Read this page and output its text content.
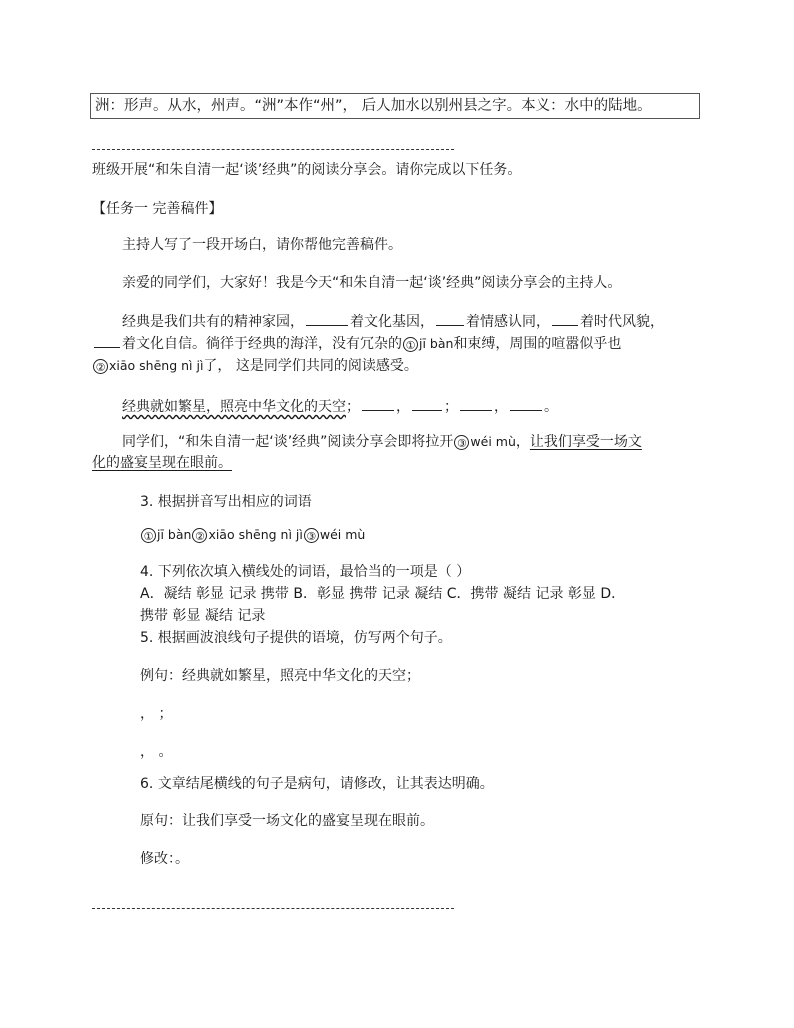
洲：形声。从水，州声。“洲”本作“州”， 后人加水以别州县之字。本义：水中的陆地。
班级开展“和朱自清一起‘谈’经典”的阅读分享会。请你完成以下任务。
【任务一 完善稿件】
主持人写了一段开场白，请你帮他完善稿件。
亲爱的同学们，大家好！我是今天“和朱自清一起‘谈’经典”阅读分享会的主持人。
经典是我们共有的精神家园，	着文化基因， 着情感认同， 着时代风貌，
着文化自信。徜徉于经典的海洋，没有冗杂的 ① jī bàn和束缚，周围的喧嚣似乎也
② xiāo shēng nì jì了， 这是同学们共同的阅读感受。
经典就如繁星，照亮中华文化的天空；	， ；	，	。
同学们，“和朱自清一起‘谈’经典”阅读分享会即将拉开 ③ wéi mù，让我们享受一场文
化的盛宴呈现在眼前。
3. 根据拼音写出相应的词语
① jī bàn ② xiāo shēng nì jì ③ wéi mù
4. 下列依次填入横线处的词语，最恰当的一项是（ ）
A．凝结 彰显 记录 携带 B．彰显 携带 记录 凝结 C．携带 凝结 记录 彰显 D．
携带 彰显 凝结 记录
5. 根据画波浪线句子提供的语境，仿写两个句子。
例句：经典就如繁星，照亮中华文化的天空；
， ；
， 。
6. 文章结尾横线的句子是病句，请修改，让其表达明确。
原句：让我们享受一场文化的盛宴呈现在眼前。
修改：。
